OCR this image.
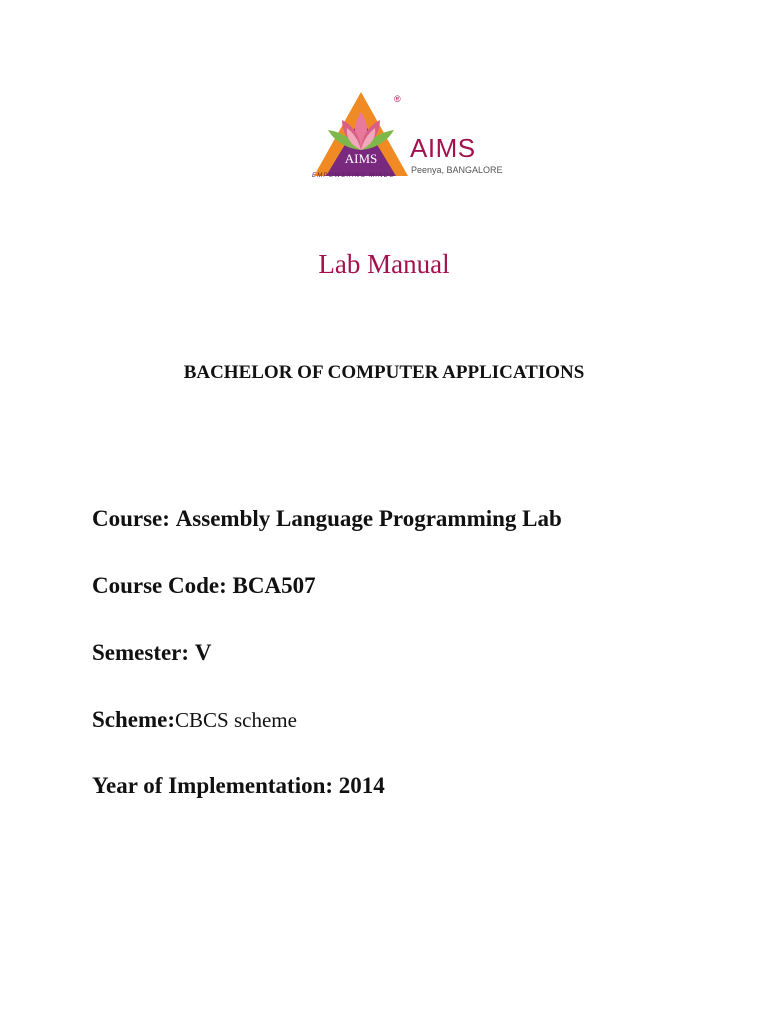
®
AIMS	AIMS
Peenya, BANGALORE
EMPOWERING MINDS
Lab Manual
BACHELOR OF COMPUTER APPLICATIONS
Course: Assembly Language Programming Lab
Course Code: BCA507
Semester: V
Scheme:CBCS scheme
Year of Implementation: 2014
